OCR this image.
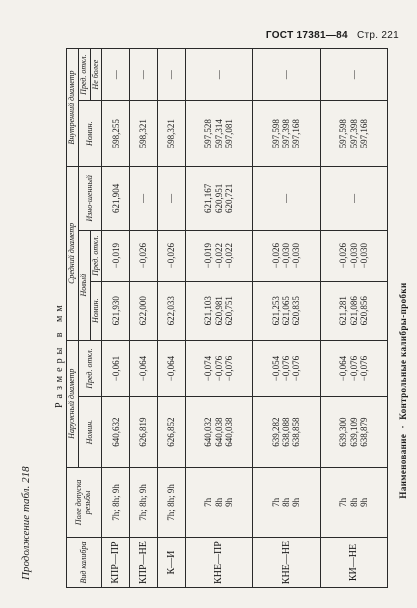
ГОСТ 17381—84 Стр. 221
Продолжение табл. 218
Размеры в мм
Вид калибра	Поле допуска резьбы	Наружный диаметр		Средний диаметр			Внутренний диаметр	
		Номин.	Пред. откл.	Новый		Изно-шенный	Номин.	Пред. откл.
				Номин.	Пред. откл.			Не более
КПР—ПР	7h; 8h; 9h	640,632	−0,061	621,930	−0,019	621,904	598,255	—

КПР—НЕ	7h; 8h; 9h	626,819	−0,064	622,000	−0,026	—	598,321	—

К—И	7h; 8h; 9h	626,852	−0,064	622,033	−0,026	—	598,321	—

КНЕ—ПР	7h 8h 9h	640,032 640,038 640,038	−0,074 −0,076 −0,076	621,103 620,981 620,751	−0,019 −0,022 −0,022	621,167 620,951 620,721	597,528 597,314 597,081	—

КНЕ—НЕ	7h 8h 9h	639,282 638,088 638,858	−0,054 −0,076 −0,076	621,253 621,065 620,835	−0,026 −0,030 −0,030	—	597,598 597,398 597,168	—

КИ—НЕ	7h 8h 9h	639,300 639,109 638,879	−0,064 −0,076 −0,076	621,281 621,086 620,856	−0,026 −0,030 −0,030	—	597,598 597,398 597,168	—
Наименование  ·  Контрольные калибры-пробки
